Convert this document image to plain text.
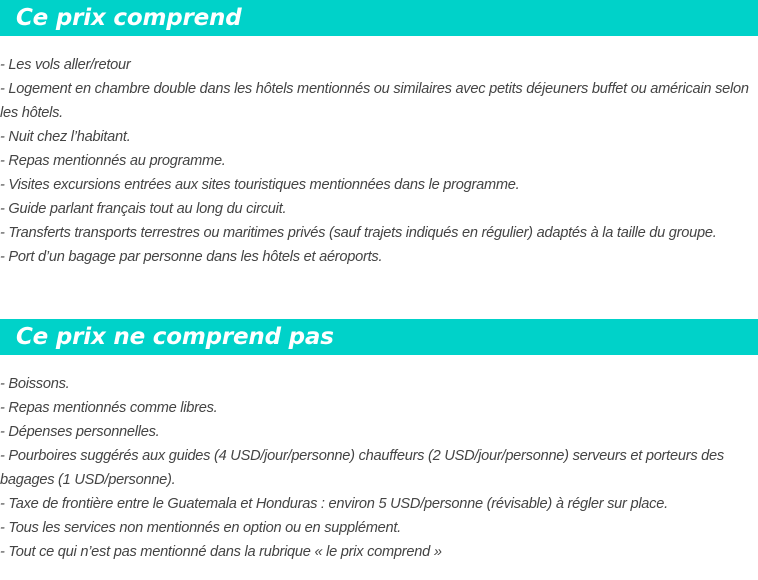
Ce prix comprend
- Les vols aller/retour
- Logement en chambre double dans les hôtels mentionnés ou similaires avec petits déjeuners buffet ou américain selon les hôtels.
- Nuit chez l’habitant.
- Repas mentionnés au programme.
- Visites excursions entrées aux sites touristiques mentionnées dans le programme.
- Guide parlant français tout au long du circuit.
- Transferts transports terrestres ou maritimes privés (sauf trajets indiqués en régulier) adaptés à la taille du groupe.
- Port d’un bagage par personne dans les hôtels et aéroports.
Ce prix ne comprend pas
- Boissons.
- Repas mentionnés comme libres.
- Dépenses personnelles.
- Pourboires suggérés aux guides (4 USD/jour/personne) chauffeurs (2 USD/jour/personne) serveurs et porteurs des bagages (1 USD/personne).
- Taxe de frontière entre le Guatemala et Honduras : environ 5 USD/personne (révisable) à régler sur place.
- Tous les services non mentionnés en option ou en supplément.
- Tout ce qui n’est pas mentionné dans la rubrique « le prix comprend »
